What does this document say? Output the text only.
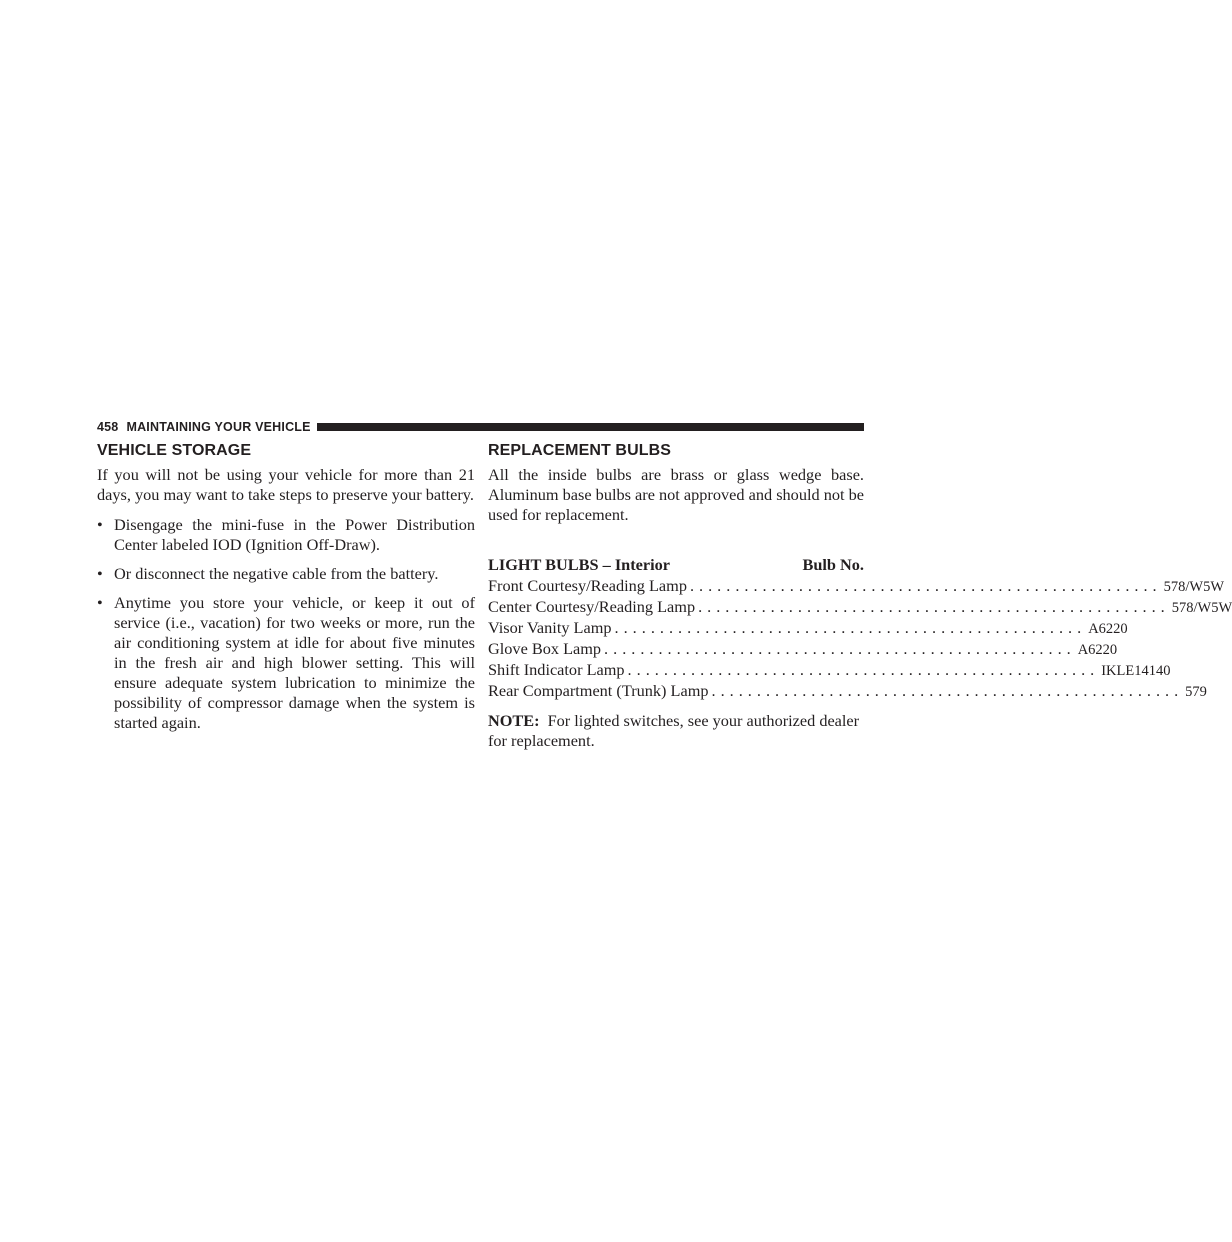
458 MAINTAINING YOUR VEHICLE
VEHICLE STORAGE

If you will not be using your vehicle for more than 21 days, you may want to take steps to preserve your battery.

• Disengage the mini-fuse in the Power Distribution Center labeled IOD (Ignition Off-Draw).
• Or disconnect the negative cable from the battery.
• Anytime you store your vehicle, or keep it out of service (i.e., vacation) for two weeks or more, run the air conditioning system at idle for about five minutes in the fresh air and high blower setting. This will ensure adequate system lubrication to minimize the possibility of compressor damage when the system is started again.
REPLACEMENT BULBS

All the inside bulbs are brass or glass wedge base. Aluminum base bulbs are not approved and should not be used for replacement.

LIGHT BULBS – Interior	Bulb No.
Front Courtesy/Reading Lamp .................................................... 578/W5W
Center Courtesy/Reading Lamp .................................................... 578/W5W
Visor Vanity Lamp .................................................... A6220
Glove Box Lamp .................................................... A6220
Shift Indicator Lamp .................................................... IKLE14140
Rear Compartment (Trunk) Lamp .................................................... 579

NOTE: For lighted switches, see your authorized dealer for replacement.
